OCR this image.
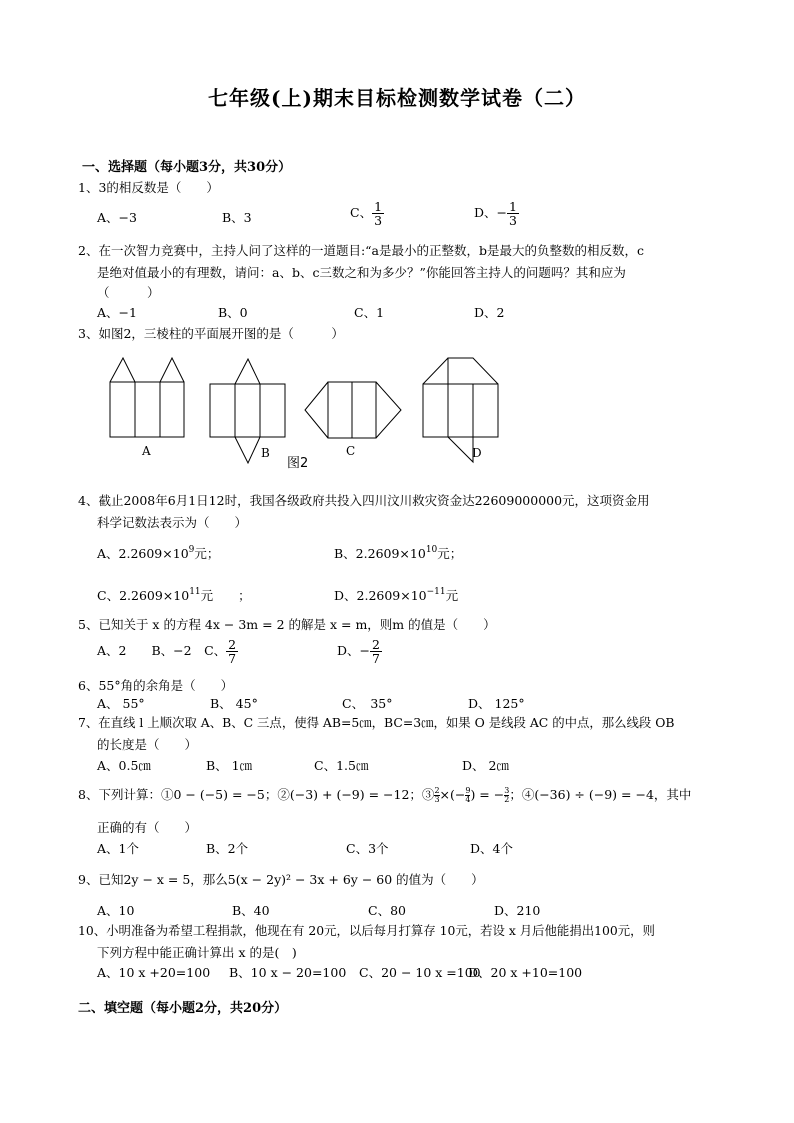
七年级(上)期末目标检测数学试卷（二）
一、选择题（每小题3分，共30分）
1、3的相反数是（　　）
A、−3	B、3	C、 $\frac{1}{3}$	D、− $\frac{1}{3}$
2、在一次智力竞赛中，主持人问了这样的一道题目:“a是最小的正整数，b是最大的负整数的相反数，c
是绝对值最小的有理数，请问：a、b、c三数之和为多少？”你能回答主持人的问题吗？其和应为
（　　　）
A、−1	B、0	C、1	D、2
3、如图2，三棱柱的平面展开图的是（　　　）
A	B	C	D
图2
4、截止2008年6月1日12时，我国各级政府共投入四川汶川救灾资金达22609000000元，这项资金用
科学记数法表示为（　　）
A、$2.2609\times 10^9$元；	B、$2.2609\times 10^{10}$元；
C、$2.2609\times 10^{11}$元　　；	D、$2.2609\times 10^{-11}$元
5、已知关于 x 的方程 4x − 3m = 2 的解是 x = m，则m 的值是（　　）
A、2　　B、−2　C、 $\frac{2}{7}$	D、− $\frac{2}{7}$
6、55°角的余角是（　　）
A、 55°	B、 45°	C、　35°	D、 125°
7、在直线 l 上顺次取 A、B、C 三点，使得 AB=5㎝，BC=3㎝，如果 O 是线段 AC 的中点，那么线段 OB
的长度是（　　）
A、0.5㎝	B、 1㎝	C、1.5㎝	D、 2㎝
8、下列计算：①0 − (−5) = −5；②(−3) + (−9) = −12；③ $\frac{2}{3}$ ×(− $\frac{9}{4}$ ) = − $\frac{3}{2}$ ；④(−36) ÷ (−9) = −4，其中
正确的有（　　）
A、1个	B、2个	C、3个	D、4个
9、已知2y − x = 5，那么5(x − 2y)² − 3x + 6y − 60 的值为（　　）
A、10	B、40	C、80	D、210
10、小明准备为希望工程捐款，他现在有 20元，以后每月打算存 10元，若设 x 月后他能捐出100元，则
下列方程中能正确计算出 x 的是(　)
A、10 x +20=100 B、10 x − 20=100 C、20 − 10 x =100
D、20 x +10=100
二、填空题（每小题2分，共20分）
